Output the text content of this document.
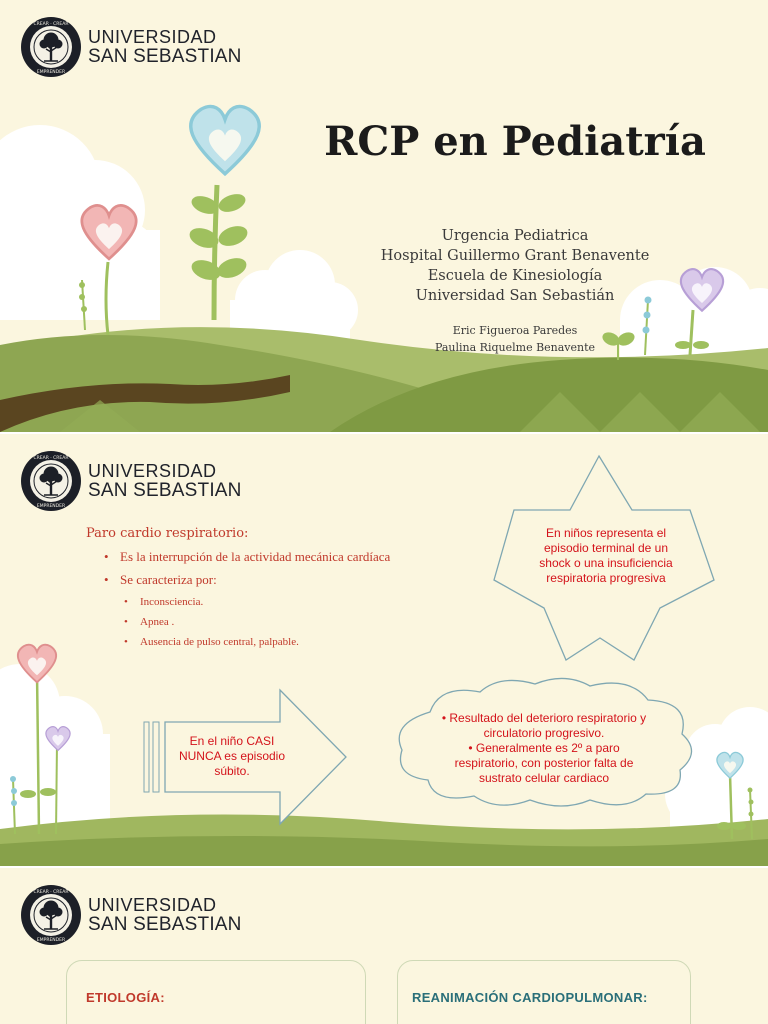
UNIVERSIDAD
SAN SEBASTIAN
RCP en Pediatría
Urgencia Pediatrica
Hospital Guillermo Grant Benavente
Escuela de Kinesiología
Universidad San Sebastián
Eric Figueroa Paredes
Paulina Riquelme Benavente
UNIVERSIDAD
SAN SEBASTIAN
Paro cardio respiratorio:
• Es la interrupción de la actividad mecánica cardíaca
• Se caracteriza por:
• Inconsciencia.
• Apnea .
• Ausencia de pulso central, palpable.
En niños representa el
episodio terminal de un
shock o una insuficiencia
respiratoria progresiva
En el niño CASI
NUNCA es episodio
súbito.
• Resultado del deterioro respiratorio y
circulatorio progresivo.
• Generalmente es 2º a paro
respiratorio, con posterior falta de
sustrato celular cardiaco
UNIVERSIDAD
SAN SEBASTIAN
ETIOLOGÍA:	REANIMACIÓN CARDIOPULMONAR:
